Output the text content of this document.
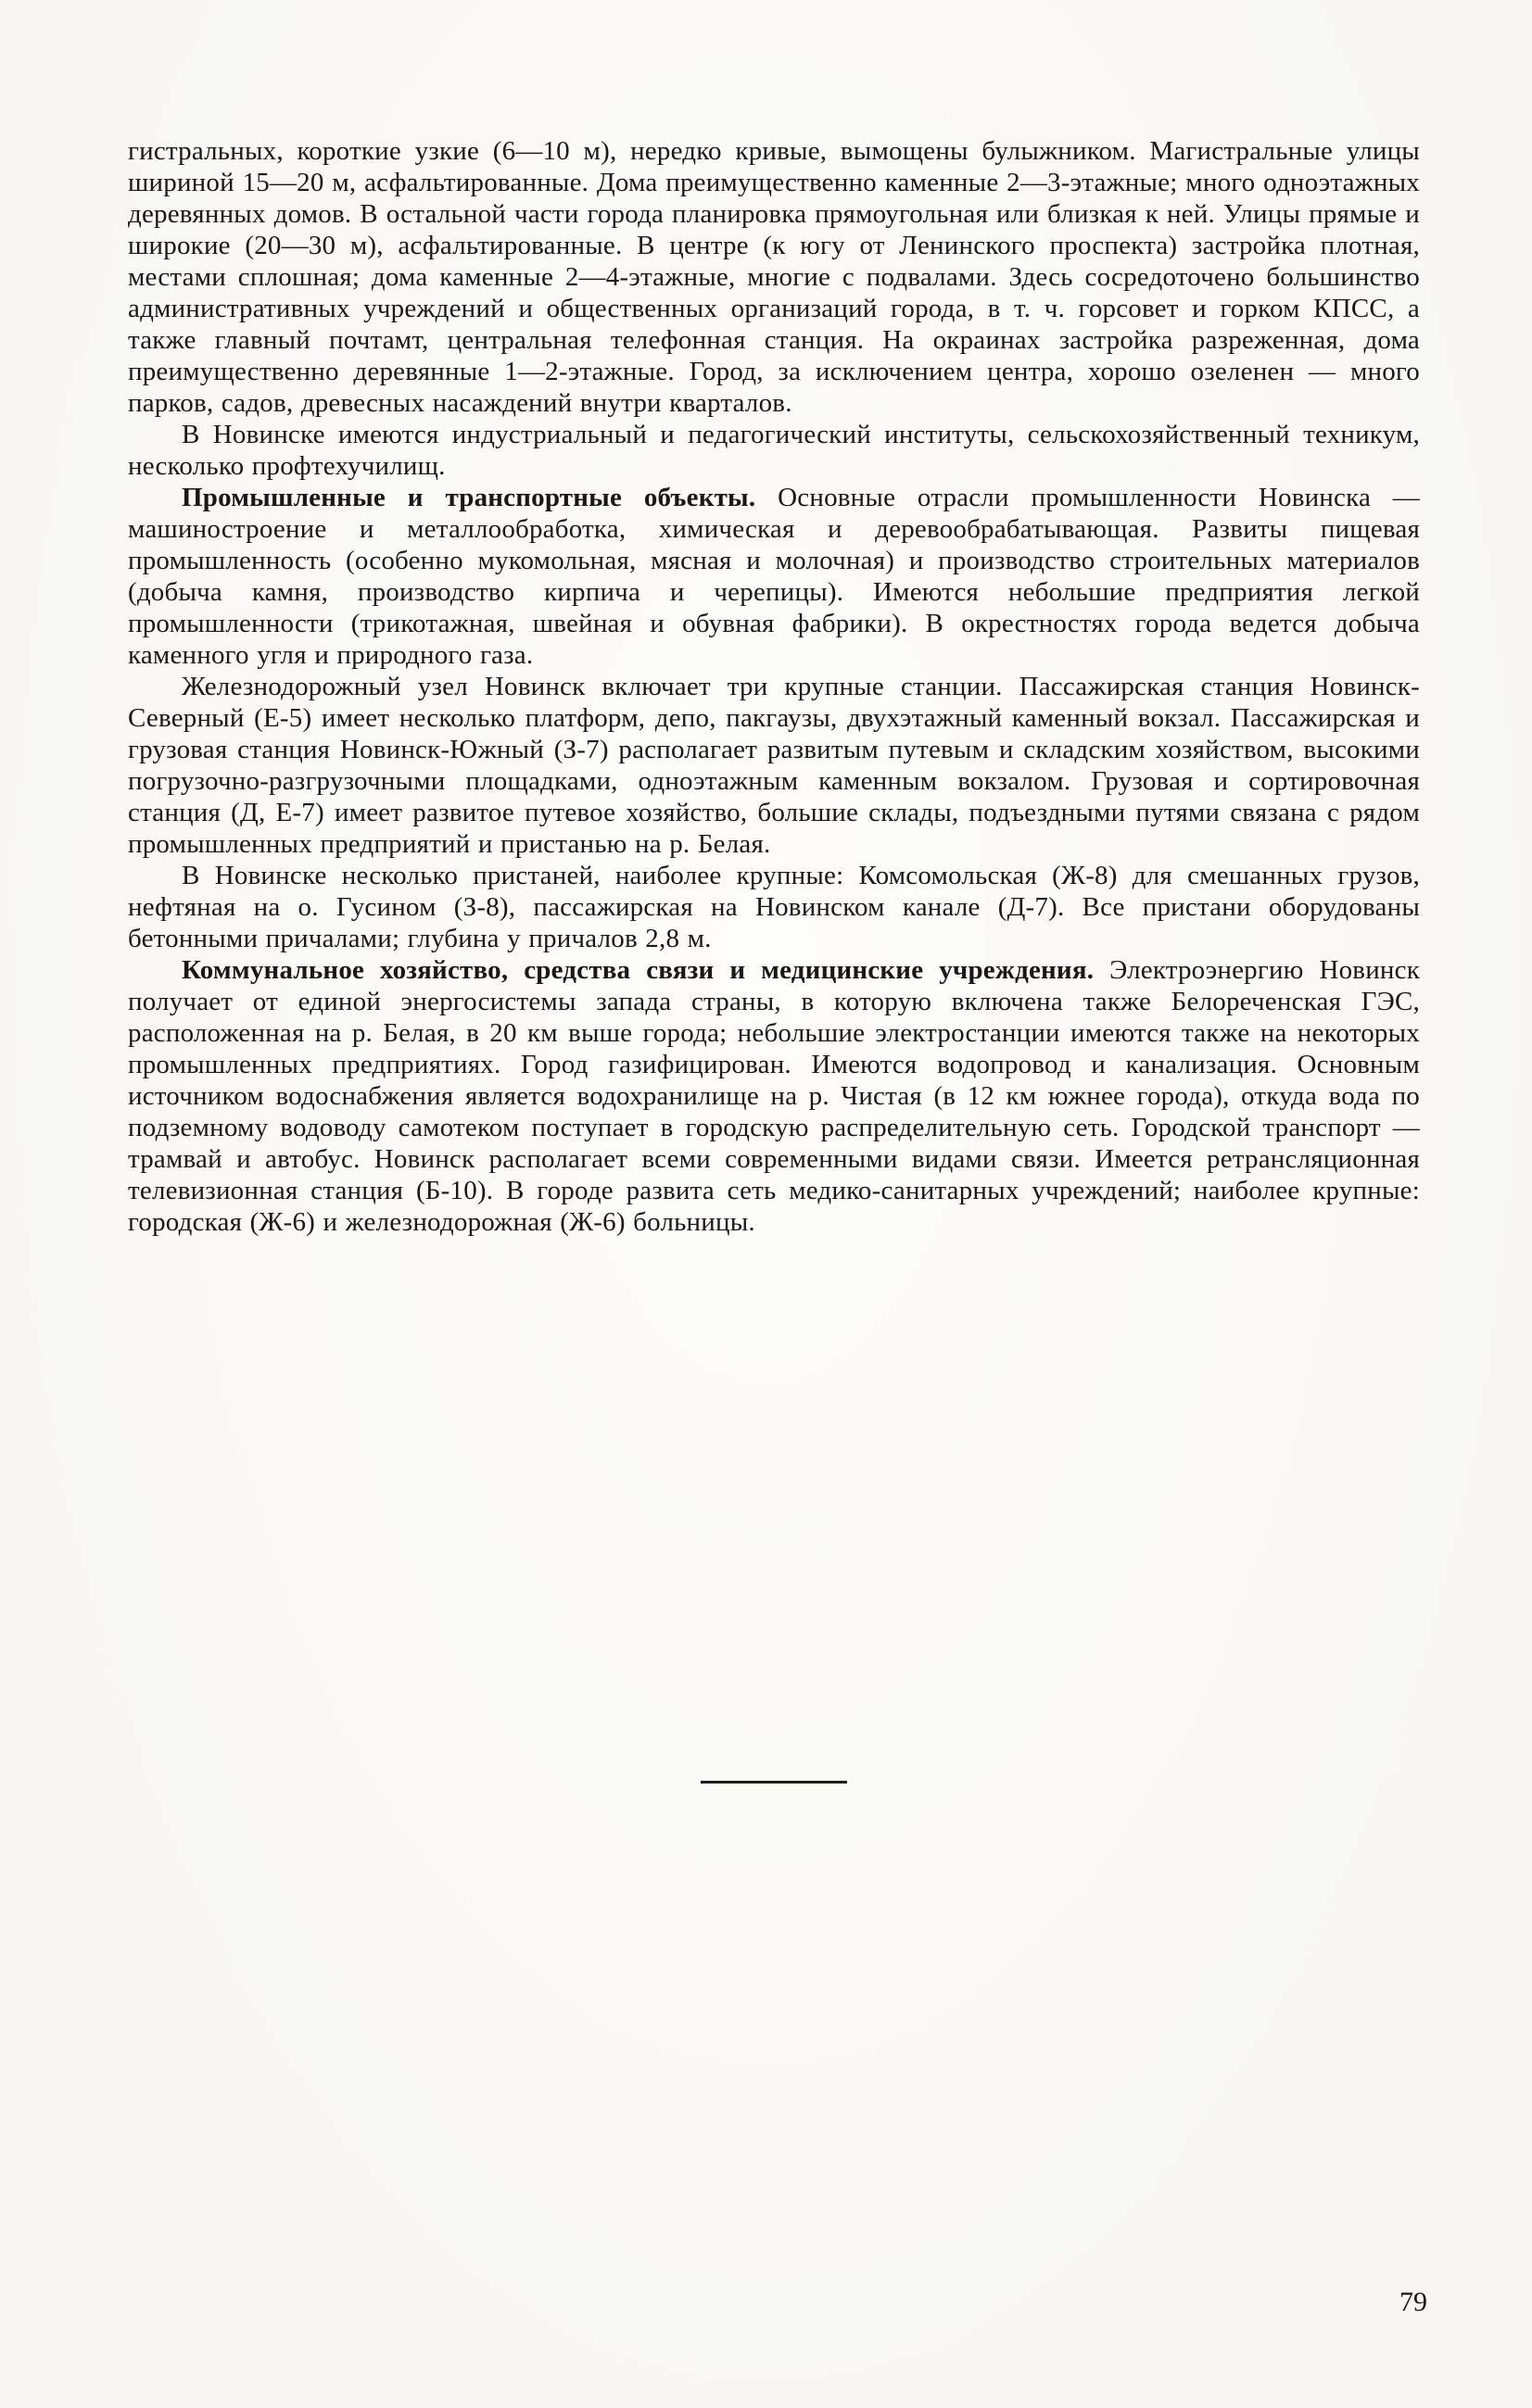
гистральных, короткие узкие (6—10 м), нередко кривые, вымощены булыжником. Магистральные улицы шириной 15—20 м, асфальтированные. Дома преимущественно каменные 2—3-этажные; много одноэтажных деревянных домов. В остальной части города планировка прямоугольная или близкая к ней. Улицы прямые и широкие (20—30 м), асфальтированные. В центре (к югу от Ленинского проспекта) застройка плотная, местами сплошная; дома каменные 2—4-этажные, многие с подвалами. Здесь сосредоточено большинство административных учреждений и общественных организаций города, в т. ч. горсовет и горком КПСС, а также главный почтамт, центральная телефонная станция. На окраинах застройка разреженная, дома преимущественно деревянные 1—2-этажные. Город, за исключением центра, хорошо озеленен — много парков, садов, древесных насаждений внутри кварталов.

В Новинске имеются индустриальный и педагогический институты, сельскохозяйственный техникум, несколько профтехучилищ.

Промышленные и транспортные объекты. Основные отрасли промышленности Новинска — машиностроение и металлообработка, химическая и деревообрабатывающая. Развиты пищевая промышленность (особенно мукомольная, мясная и молочная) и производство строительных материалов (добыча камня, производство кирпича и черепицы). Имеются небольшие предприятия легкой промышленности (трикотажная, швейная и обувная фабрики). В окрестностях города ведется добыча каменного угля и природного газа.

Железнодорожный узел Новинск включает три крупные станции. Пассажирская станция Новинск-Северный (Е-5) имеет несколько платформ, депо, пакгаузы, двухэтажный каменный вокзал. Пассажирская и грузовая станция Новинск-Южный (З-7) располагает развитым путевым и складским хозяйством, высокими погрузочно-разгрузочными площадками, одноэтажным каменным вокзалом. Грузовая и сортировочная станция (Д, Е-7) имеет развитое путевое хозяйство, большие склады, подъездными путями связана с рядом промышленных предприятий и пристанью на р. Белая.

В Новинске несколько пристаней, наиболее крупные: Комсомольская (Ж-8) для смешанных грузов, нефтяная на о. Гусином (З-8), пассажирская на Новинском канале (Д-7). Все пристани оборудованы бетонными причалами; глубина у причалов 2,8 м.

Коммунальное хозяйство, средства связи и медицинские учреждения. Электроэнергию Новинск получает от единой энергосистемы запада страны, в которую включена также Белореченская ГЭС, расположенная на р. Белая, в 20 км выше города; небольшие электростанции имеются также на некоторых промышленных предприятиях. Город газифицирован. Имеются водопровод и канализация. Основным источником водоснабжения является водохранилище на р. Чистая (в 12 км южнее города), откуда вода по подземному водоводу самотеком поступает в городскую распределительную сеть. Городской транспорт — трамвай и автобус. Новинск располагает всеми современными видами связи. Имеется ретрансляционная телевизионная станция (Б-10). В городе развита сеть медико-санитарных учреждений; наиболее крупные: городская (Ж-6) и железнодорожная (Ж-6) больницы.

79
